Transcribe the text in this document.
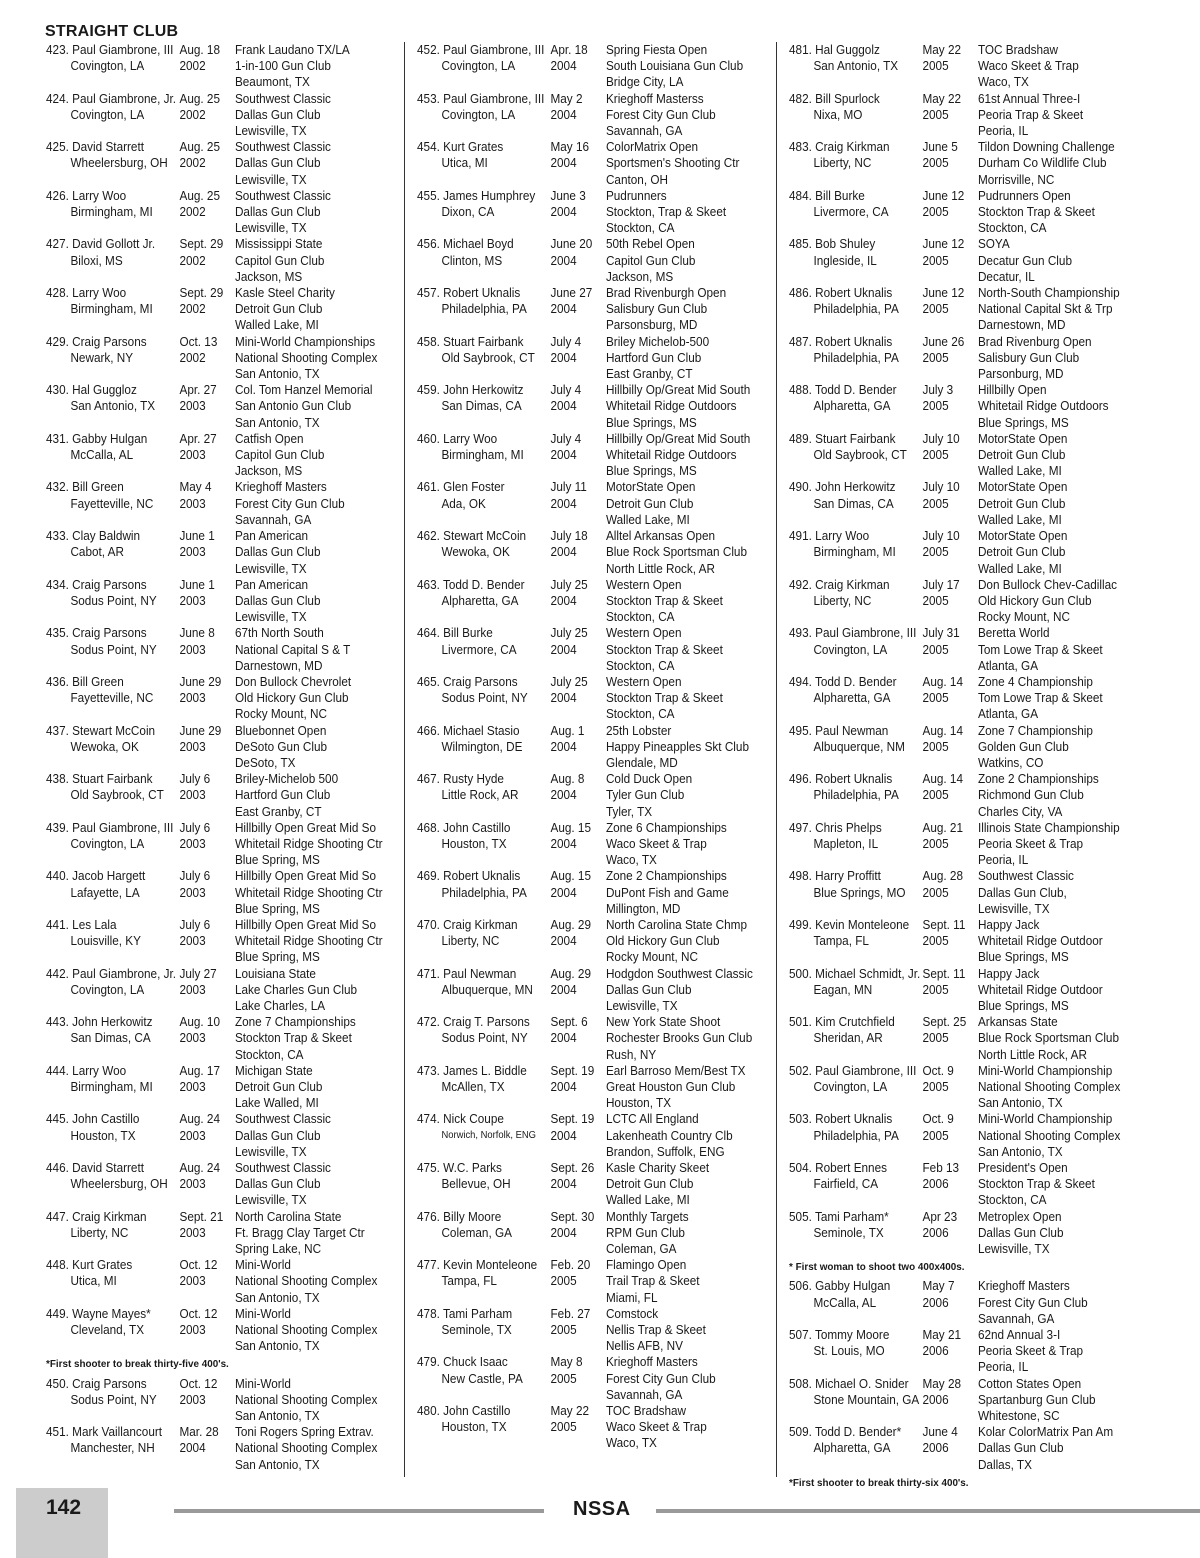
STRAIGHT CLUB
423. Paul Giambrone, III
Covington, LA
Aug. 18
2002
Frank Laudano TX/LA
1-in-100 Gun Club
Beaumont, TX
424. Paul Giambrone, Jr.
Covington, LA
Aug. 25
2002
Southwest Classic
Dallas Gun Club
Lewisville, TX
425. David Starrett
Wheelersburg, OH
Aug. 25
2002
Southwest Classic
Dallas Gun Club
Lewisville, TX
426. Larry Woo
Birmingham, MI
Aug. 25
2002
Southwest Classic
Dallas Gun Club
Lewisville, TX
427. David Gollott Jr.
Biloxi, MS
Sept. 29
2002
Mississippi State
Capitol Gun Club
Jackson, MS
428. Larry Woo
Birmingham, MI
Sept. 29
2002
Kasle Steel Charity
Detroit Gun Club
Walled Lake, MI
429. Craig Parsons
Newark, NY
Oct. 13
2002
Mini-World Championships
National Shooting Complex
San Antonio, TX
430. Hal Guggloz
San Antonio, TX
Apr. 27
2003
Col. Tom Hanzel Memorial
San Antonio Gun Club
San Antonio, TX
431. Gabby Hulgan
McCalla, AL
Apr. 27
2003
Catfish Open
Capitol Gun Club
Jackson, MS
432. Bill Green
Fayetteville, NC
May 4
2003
Krieghoff Masters
Forest City Gun Club
Savannah, GA
433. Clay Baldwin
Cabot, AR
June 1
2003
Pan American
Dallas Gun Club
Lewisville, TX
434. Craig Parsons
Sodus Point, NY
June 1
2003
Pan American
Dallas Gun Club
Lewisville, TX
435. Craig Parsons
Sodus Point, NY
June 8
2003
67th North South
National Capital S & T
Darnestown, MD
436. Bill Green
Fayetteville, NC
June 29
2003
Don Bullock Chevrolet
Old Hickory Gun Club
Rocky Mount, NC
437. Stewart McCoin
Wewoka, OK
June 29
2003
Bluebonnet Open
DeSoto Gun Club
DeSoto, TX
438. Stuart Fairbank
Old Saybrook, CT
July 6
2003
Briley-Michelob 500
Hartford Gun Club
East Granby, CT
439. Paul Giambrone, III
Covington, LA
July 6
2003
Hillbilly Open Great Mid So
Whitetail Ridge Shooting Ctr
Blue Spring, MS
440. Jacob Hargett
Lafayette, LA
July 6
2003
Hillbilly Open Great Mid So
Whitetail Ridge Shooting Ctr
Blue Spring, MS
441. Les Lala
Louisville, KY
July 6
2003
Hillbilly Open Great Mid So
Whitetail Ridge Shooting Ctr
Blue Spring, MS
442. Paul Giambrone, Jr.
Covington, LA
July 27
2003
Louisiana State
Lake Charles Gun Club
Lake Charles, LA
443. John Herkowitz
San Dimas, CA
Aug. 10
2003
Zone 7 Championships
Stockton Trap & Skeet
Stockton, CA
444. Larry Woo
Birmingham, MI
Aug. 17
2003
Michigan State
Detroit Gun Club
Lake Walled, MI
445. John Castillo
Houston, TX
Aug. 24
2003
Southwest Classic
Dallas Gun Club
Lewisville, TX
446. David Starrett
Wheelersburg, OH
Aug. 24
2003
Southwest Classic
Dallas Gun Club
Lewisville, TX
447. Craig Kirkman
Liberty, NC
Sept. 21
2003
North Carolina State
Ft. Bragg Clay Target Ctr
Spring Lake, NC
448. Kurt Grates
Utica, MI
Oct. 12
2003
Mini-World
National Shooting Complex
San Antonio, TX
449. Wayne Mayes*
Cleveland, TX
Oct. 12
2003
Mini-World
National Shooting Complex
San Antonio, TX
*First shooter to break thirty-five 400's.
450. Craig Parsons
Sodus Point, NY
Oct. 12
2003
Mini-World
National Shooting Complex
San Antonio, TX
451. Mark Vaillancourt
Manchester, NH
Mar. 28
2004
Toni Rogers Spring Extrav.
National Shooting Complex
San Antonio, TX
452. Paul Giambrone, III
Covington, LA
Apr. 18
2004
Spring Fiesta Open
South Louisiana Gun Club
Bridge City, LA
453. Paul Giambrone, III
Covington, LA
May 2
2004
Krieghoff Masterss
Forest City Gun Club
Savannah, GA
454. Kurt Grates
Utica, MI
May 16
2004
ColorMatrix Open
Sportsmen's Shooting Ctr
Canton, OH
455. James Humphrey
Dixon, CA
June 3
2004
Pudrunners
Stockton, Trap & Skeet
Stockton, CA
456. Michael Boyd
Clinton, MS
June 20
2004
50th Rebel Open
Capitol Gun Club
Jackson, MS
457. Robert Uknalis
Philadelphia, PA
June 27
2004
Brad Rivenburgh Open
Salisbury Gun Club
Parsonsburg, MD
458. Stuart Fairbank
Old Saybrook, CT
July 4
2004
Briley Michelob-500
Hartford Gun Club
East Granby, CT
459. John Herkowitz
San Dimas, CA
July 4
2004
Hillbilly Op/Great Mid South
Whitetail Ridge Outdoors
Blue Springs, MS
460. Larry Woo
Birmingham, MI
July 4
2004
Hillbilly Op/Great Mid South
Whitetail Ridge Outdoors
Blue Springs, MS
461. Glen Foster
Ada, OK
July 11
2004
MotorState Open
Detroit Gun Club
Walled Lake, MI
462. Stewart McCoin
Wewoka, OK
July 18
2004
Alltel Arkansas Open
Blue Rock Sportsman Club
North Little Rock, AR
463. Todd D. Bender
Alpharetta, GA
July 25
2004
Western Open
Stockton Trap & Skeet
Stockton, CA
464. Bill Burke
Livermore, CA
July 25
2004
Western Open
Stockton Trap & Skeet
Stockton, CA
465. Craig Parsons
Sodus Point, NY
July 25
2004
Western Open
Stockton Trap & Skeet
Stockton, CA
466. Michael Stasio
Wilmington, DE
Aug. 1
2004
25th Lobster
Happy Pineapples Skt Club
Glendale, MD
467. Rusty Hyde
Little Rock, AR
Aug. 8
2004
Cold Duck Open
Tyler Gun Club
Tyler, TX
468. John Castillo
Houston, TX
Aug. 15
2004
Zone 6 Championships
Waco Skeet & Trap
Waco, TX
469. Robert Uknalis
Philadelphia, PA
Aug. 15
2004
Zone 2 Championships
DuPont Fish and Game
Millington, MD
470. Craig Kirkman
Liberty, NC
Aug. 29
2004
North Carolina State Chmp
Old Hickory Gun Club
Rocky Mount, NC
471. Paul Newman
Albuquerque, MN
Aug. 29
2004
Hodgdon Southwest Classic
Dallas Gun Club
Lewisville, TX
472. Craig T. Parsons
Sodus Point, NY
Sept. 6
2004
New York State Shoot
Rochester Brooks Gun Club
Rush, NY
473. James L. Biddle
McAllen, TX
Sept. 19
2004
Earl Barroso Mem/Best TX
Great Houston Gun Club
Houston, TX
474. Nick Coupe
Norwich, Norfolk, ENG
Sept. 19
2004
LCTC All England
Lakenheath Country Clb
Brandon, Suffolk, ENG
475. W.C. Parks
Bellevue, OH
Sept. 26
2004
Kasle Charity Skeet
Detroit Gun Club
Walled Lake, MI
476. Billy Moore
Coleman, GA
Sept. 30
2004
Monthly Targets
RPM Gun Club
Coleman, GA
477. Kevin Monteleone
Tampa, FL
Feb. 20
2005
Flamingo Open
Trail Trap & Skeet
Miami, FL
478. Tami Parham
Seminole, TX
Feb. 27
2005
Comstock
Nellis Trap & Skeet
Nellis AFB, NV
479. Chuck Isaac
New Castle, PA
May 8
2005
Krieghoff Masters
Forest City Gun Club
Savannah, GA
480. John Castillo
Houston, TX
May 22
2005
TOC Bradshaw
Waco Skeet & Trap
Waco, TX
481. Hal Guggolz
San Antonio, TX
May 22
2005
TOC Bradshaw
Waco Skeet & Trap
Waco, TX
482. Bill Spurlock
Nixa, MO
May 22
2005
61st Annual Three-I
Peoria Trap & Skeet
Peoria, IL
483. Craig Kirkman
Liberty, NC
June 5
2005
Tildon Downing Challenge
Durham Co Wildlife Club
Morrisville, NC
484. Bill Burke
Livermore, CA
June 12
2005
Pudrunners Open
Stockton Trap & Skeet
Stockton, CA
485. Bob Shuley
Ingleside, IL
June 12
2005
SOYA
Decatur Gun Club
Decatur, IL
486. Robert Uknalis
Philadelphia, PA
June 12
2005
North-South Championship
National Capital Skt & Trp
Darnestown, MD
487. Robert Uknalis
Philadelphia, PA
June 26
2005
Brad Rivenburg Open
Salisbury Gun Club
Parsonburg, MD
488. Todd D. Bender
Alpharetta, GA
July 3
2005
Hillbilly Open
Whitetail Ridge Outdoors
Blue Springs, MS
489. Stuart Fairbank
Old Saybrook, CT
July 10
2005
MotorState Open
Detroit Gun Club
Walled Lake, MI
490. John Herkowitz
San Dimas, CA
July 10
2005
MotorState Open
Detroit Gun Club
Walled Lake, MI
491. Larry Woo
Birmingham, MI
July 10
2005
MotorState Open
Detroit Gun Club
Walled Lake, MI
492. Craig Kirkman
Liberty, NC
July 17
2005
Don Bullock Chev-Cadillac
Old Hickory Gun Club
Rocky Mount, NC
493. Paul Giambrone, III
Covington, LA
July 31
2005
Beretta World
Tom Lowe Trap & Skeet
Atlanta, GA
494. Todd D. Bender
Alpharetta, GA
Aug. 14
2005
Zone 4 Championship
Tom Lowe Trap & Skeet
Atlanta, GA
495. Paul Newman
Albuquerque, NM
Aug. 14
2005
Zone 7 Championship
Golden Gun Club
Watkins, CO
496. Robert Uknalis
Philadelphia, PA
Aug. 14
2005
Zone 2 Championships
Richmond Gun Club
Charles City, VA
497. Chris Phelps
Mapleton, IL
Aug. 21
2005
Illinois State Championship
Peoria Skeet & Trap
Peoria, IL
498. Harry Proffitt
Blue Springs, MO
Aug. 28
2005
Southwest Classic
Dallas Gun Club,
Lewisville, TX
499. Kevin Monteleone
Tampa, FL
Sept. 11
2005
Happy Jack
Whitetail Ridge Outdoor
Blue Springs, MS
500. Michael Schmidt, Jr.
Eagan, MN
Sept. 11
2005
Happy Jack
Whitetail Ridge Outdoor
Blue Springs, MS
501. Kim Crutchfield
Sheridan, AR
Sept. 25
2005
Arkansas State
Blue Rock Sportsman Club
North Little Rock, AR
502. Paul Giambrone, III
Covington, LA
Oct. 9
2005
Mini-World Championship
National Shooting Complex
San Antonio, TX
503. Robert Uknalis
Philadelphia, PA
Oct. 9
2005
Mini-World Championship
National Shooting Complex
San Antonio, TX
504. Robert Ennes
Fairfield, CA
Feb 13
2006
President's Open
Stockton Trap & Skeet
Stockton, CA
505. Tami Parham*
Seminole, TX
Apr 23
2006
Metroplex Open
Dallas Gun Club
Lewisville, TX
* First woman to shoot two 400x400s.
506. Gabby Hulgan
McCalla, AL
May 7
2006
Krieghoff Masters
Forest City Gun Club
Savannah, GA
507. Tommy Moore
St. Louis, MO
May 21
2006
62nd Annual 3-I
Peoria Skeet & Trap
Peoria, IL
508. Michael O. Snider
Stone Mountain, GA
May 28
2006
Cotton States Open
Spartanburg Gun Club
Whitestone, SC
509. Todd D. Bender*
Alpharetta, GA
June 4
2006
Kolar ColorMatrix Pan Am
Dallas Gun Club
Dallas, TX
*First shooter to break thirty-six 400's.
142	NSSA
